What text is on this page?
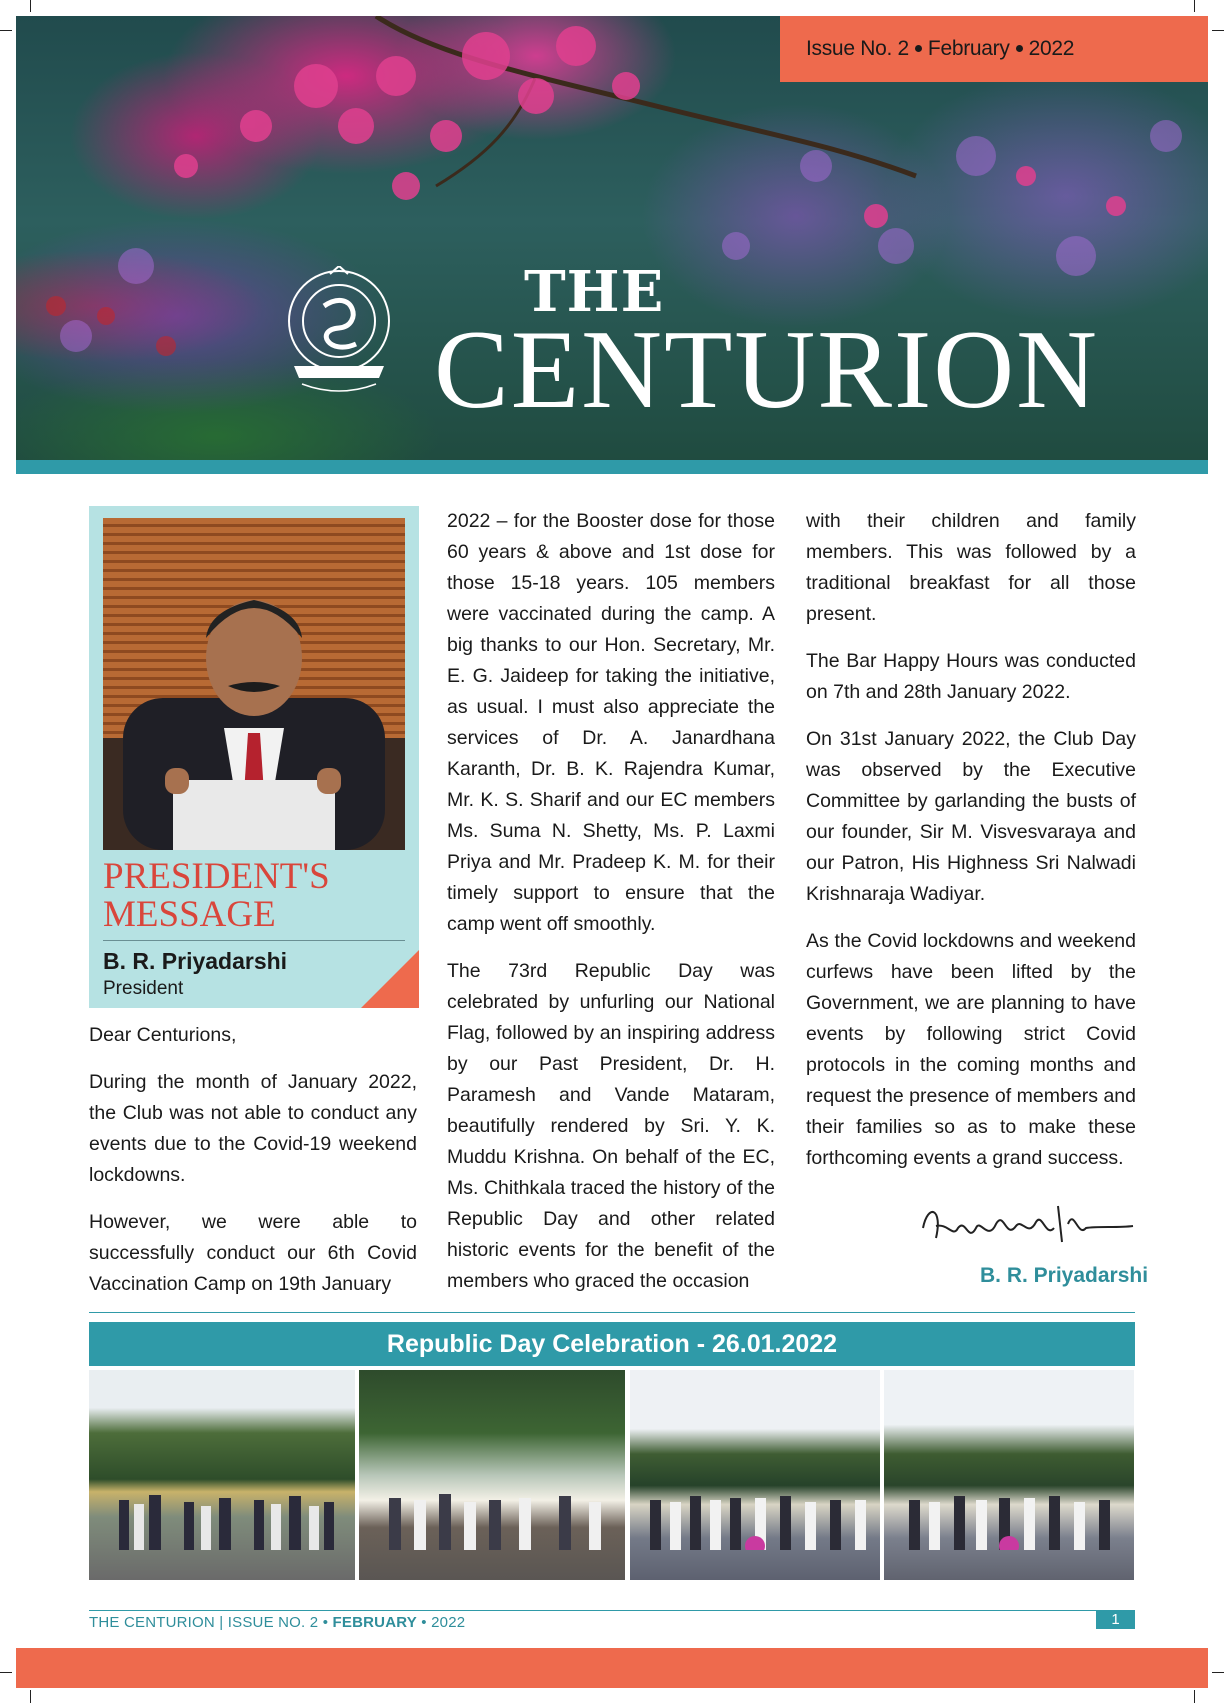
Issue No. 2 February 2022
THE
CENTURION
PRESIDENT'S
MESSAGE
B. R. Priyadarshi
President

Dear Centurions,

During the month of January 2022, the Club was not able to conduct any events due to the Covid-19 weekend lockdowns.

However, we were able to successfully conduct our 6th Covid Vaccination Camp on 19th January

2022 – for the Booster dose for those 60 years & above and 1st dose for those 15-18 years. 105 members were vaccinated during the camp. A big thanks to our Hon. Secretary, Mr. E. G. Jaideep for taking the initiative, as usual. I must also appreciate the services of Dr. A. Janardhana Karanth, Dr. B. K. Rajendra Kumar, Mr. K. S. Sharif and our EC members Ms. Suma N. Shetty, Ms. P. Laxmi Priya and Mr. Pradeep K. M. for their timely support to ensure that the camp went off smoothly.

The 73rd Republic Day was celebrated by unfurling our National Flag, followed by an inspiring address by our Past President, Dr. H. Paramesh and Vande Mataram, beautifully rendered by Sri. Y. K. Muddu Krishna. On behalf of the EC, Ms. Chithkala traced the history of the Republic Day and other related historic events for the benefit of the members who graced the occasion

with their children and family members. This was followed by a traditional breakfast for all those present.

The Bar Happy Hours was conducted on 7th and 28th January 2022.

On 31st January 2022, the Club Day was observed by the Executive Committee by garlanding the busts of our founder, Sir M. Visvesvaraya and our Patron, His Highness Sri Nalwadi Krishnaraja Wadiyar.

As the Covid lockdowns and weekend curfews have been lifted by the Government, we are planning to have events by following strict Covid protocols in the coming months and request the presence of members and their families so as to make these forthcoming events a grand success.

B. R. Priyadarshi
Republic Day Celebration - 26.01.2022
THE CENTURION | ISSUE NO. 2 • FEBRUARY • 2022	1
